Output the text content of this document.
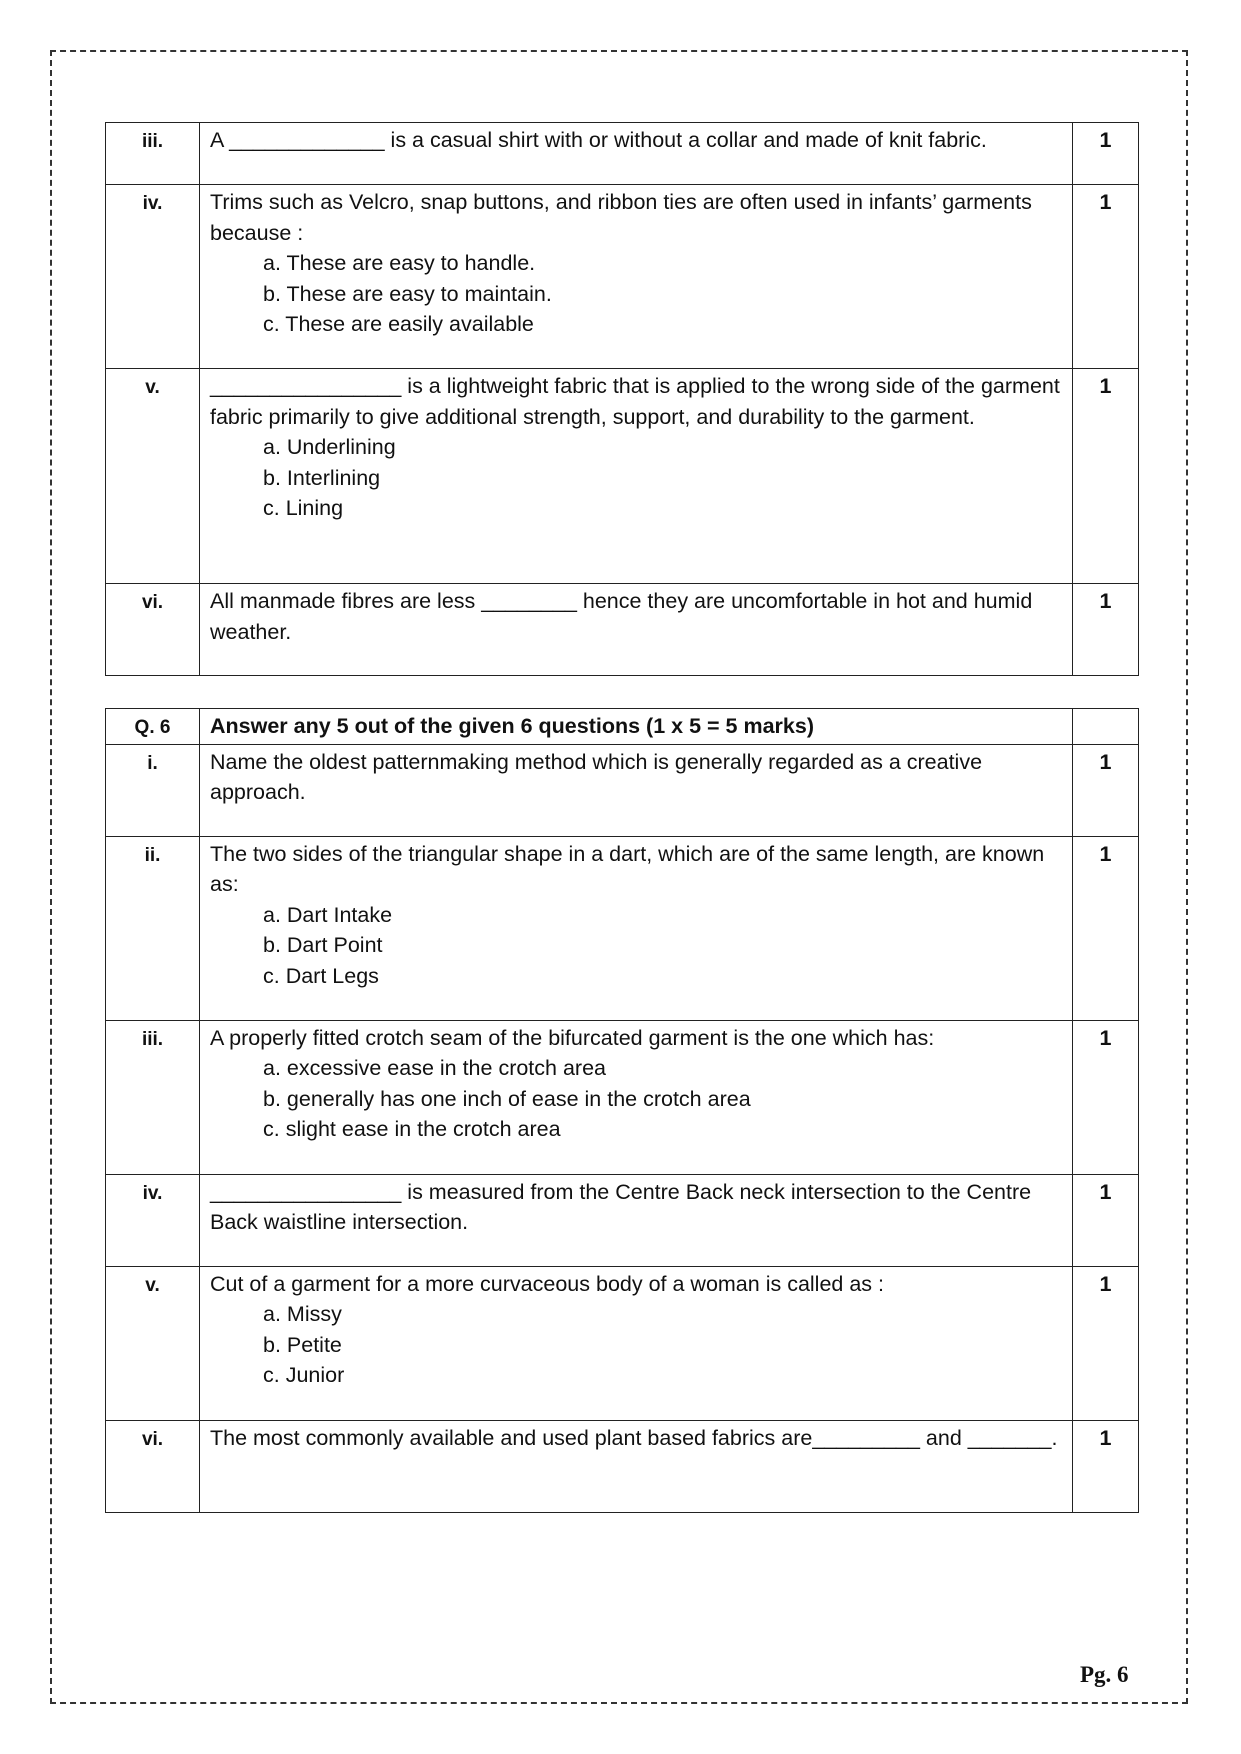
iii.	A _____________ is a casual shirt with or without a collar and made of knit fabric.	1
iv.	Trims such as Velcro, snap buttons, and ribbon ties are often used in infants’ garments because :
a. These are easy to handle.
b. These are easy to maintain.
c. These are easily available	1
v.	________________ is a lightweight fabric that is applied to the wrong side of the garment fabric primarily to give additional strength, support, and durability to the garment.
a. Underlining
b. Interlining
c. Lining	1
vi.	All manmade fibres are less ________ hence they are uncomfortable in hot and humid weather.	1
Q. 6	Answer any 5 out of the given 6 questions (1 x 5 = 5 marks)	
i.	Name the oldest patternmaking method which is generally regarded as a creative approach.	1
ii.	The two sides of the triangular shape in a dart, which are of the same length, are known as:
a. Dart Intake
b. Dart Point
c. Dart Legs	1
iii.	A properly fitted crotch seam of the bifurcated garment is the one which has:
a. excessive ease in the crotch area
b. generally has one inch of ease in the crotch area
c. slight ease in the crotch area	1
iv.	________________ is measured from the Centre Back neck intersection to the Centre Back waistline intersection.	1
v.	Cut of a garment for a more curvaceous body of a woman is called as :
a. Missy
b. Petite
c. Junior	1
vi.	The most commonly available and used plant based fabrics are_________ and _______.	1
Pg. 6
